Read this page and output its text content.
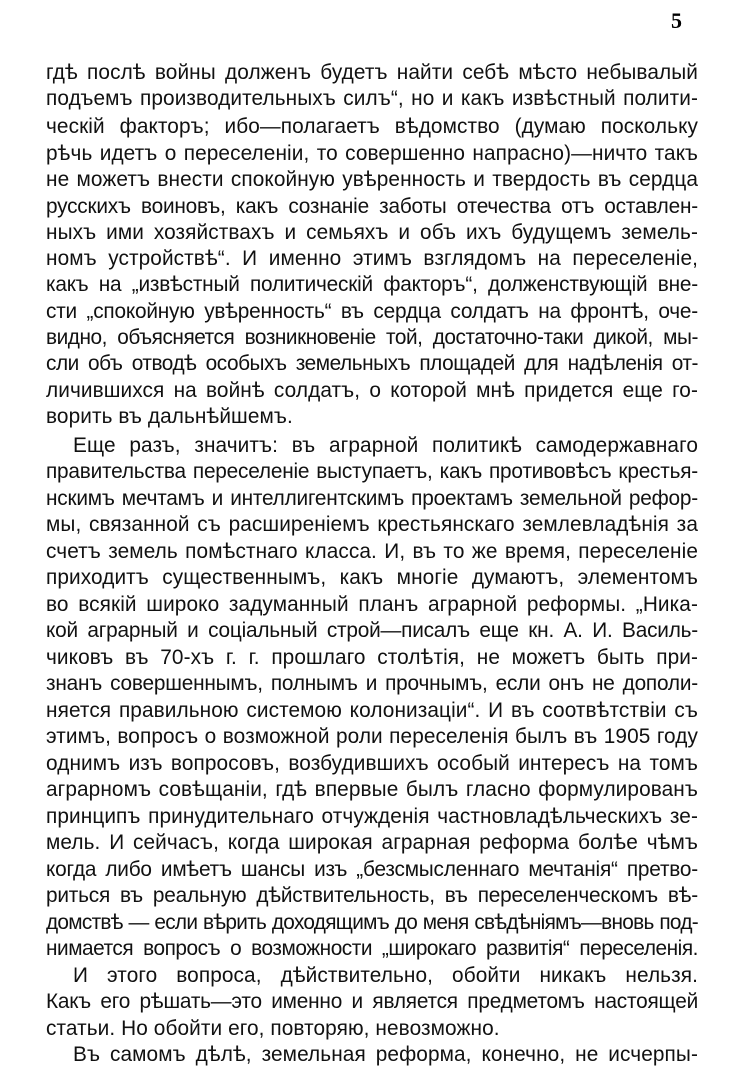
5
гдѣ послѣ войны долженъ будетъ найти себѣ мѣсто небывалый
подъемъ производительныхъ силъ“, но и какъ извѣстный полити-
ческій факторъ; ибо—полагаетъ вѣдомство (думаю поскольку
рѣчь идетъ о переселеніи, то совершенно напрасно)—ничто такъ
не можетъ внести спокойную увѣренность и твердость въ сердца
русскихъ воиновъ, какъ сознаніе заботы отечества отъ оставлен-
ныхъ ими хозяйствахъ и семьяхъ и объ ихъ будущемъ земель-
номъ устройствѣ“. И именно этимъ взглядомъ на переселеніе,
какъ на „извѣстный политическій факторъ“, долженствующій вне-
сти „спокойную увѣренность“ въ сердца солдатъ на фронтѣ, оче-
видно, объясняется возникновеніе той, достаточно-таки дикой, мы-
сли объ отводѣ особыхъ земельныхъ площадей для надѣленія от-
личившихся на войнѣ солдатъ, о которой мнѣ придется еще го-
ворить въ дальнѣйшемъ.
Еще разъ, значитъ: въ аграрной политикѣ самодержавнаго
правительства переселеніе выступаетъ, какъ противовѣсъ крестья-
нскимъ мечтамъ и интеллигентскимъ проектамъ земельной рефор-
мы, связанной съ расширеніемъ крестьянскаго землевладѣнія за
счетъ земель помѣстнаго класса. И, въ то же время, переселеніе
приходитъ существеннымъ, какъ многіе думаютъ, элементомъ
во всякій широко задуманный планъ аграрной реформы. „Ника-
кой аграрный и соціальный строй—писалъ еще кн. А. И. Василь-
чиковъ въ 70-хъ г. г. прошлаго столѣтія, не можетъ быть при-
знанъ совершеннымъ, полнымъ и прочнымъ, если онъ не дополи-
няется правильною системою колонизаціи“. И въ соотвѣтствіи съ
этимъ, вопросъ о возможной роли переселенія былъ въ 1905 году
однимъ изъ вопросовъ, возбудившихъ особый интересъ на томъ
аграрномъ совѣщаніи, гдѣ впервые былъ гласно формулированъ
принципъ принудительнаго отчужденія частновладѣльческихъ зе-
мель. И сейчасъ, когда широкая аграрная реформа болѣе чѣмъ
когда либо имѣетъ шансы изъ „безсмысленнаго мечтанія“ претво-
риться въ реальную дѣйствительность, въ переселенческомъ вѣ-
домствѣ — если вѣрить доходящимъ до меня свѣдѣніямъ—вновь под-
нимается вопросъ о возможности „широкаго развитія“ переселенія.
И этого вопроса, дѣйствительно, обойти никакъ нельзя.
Какъ его рѣшать—это именно и является предметомъ настоящей
статьи. Но обойти его, повторяю, невозможно.
Въ самомъ дѣлѣ, земельная реформа, конечно, не исчерпы-
